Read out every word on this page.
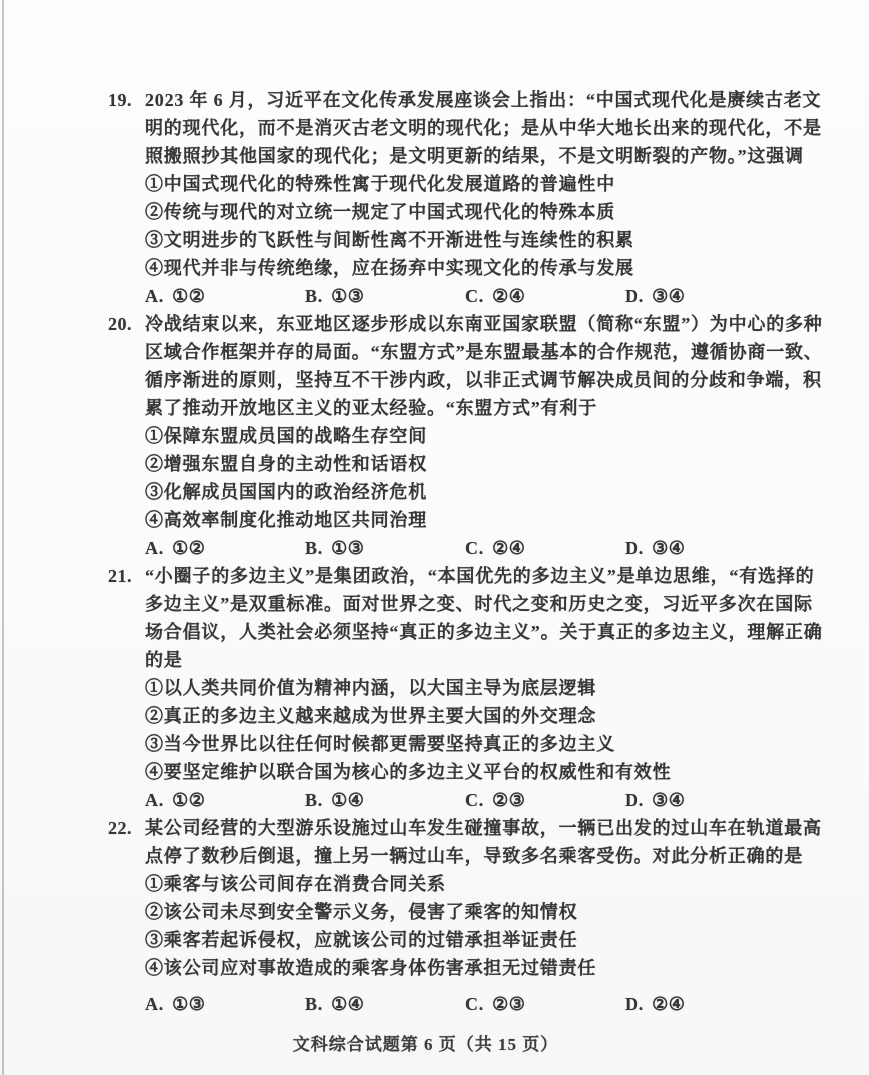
19. 2023 年 6 月，习近平在文化传承发展座谈会上指出：“中国式现代化是赓续古老文
明的现代化，而不是消灭古老文明的现代化；是从中华大地长出来的现代化，不是
照搬照抄其他国家的现代化；是文明更新的结果，不是文明断裂的产物。”这强调
①中国式现代化的特殊性寓于现代化发展道路的普遍性中
②传统与现代的对立统一规定了中国式现代化的特殊本质
③文明进步的飞跃性与间断性离不开渐进性与连续性的积累
④现代并非与传统绝缘，应在扬弃中实现文化的传承与发展
A. ①②	B. ①③	C. ②④	D. ③④
20. 冷战结束以来，东亚地区逐步形成以东南亚国家联盟（简称“东盟”）为中心的多种
区域合作框架并存的局面。“东盟方式”是东盟最基本的合作规范，遵循协商一致、
循序渐进的原则，坚持互不干涉内政，以非正式调节解决成员间的分歧和争端，积
累了推动开放地区主义的亚太经验。“东盟方式”有利于
①保障东盟成员国的战略生存空间
②增强东盟自身的主动性和话语权
③化解成员国国内的政治经济危机
④高效率制度化推动地区共同治理
A. ①②	B. ①③	C. ②④	D. ③④
21. “小圈子的多边主义”是集团政治，“本国优先的多边主义”是单边思维，“有选择的
多边主义”是双重标准。面对世界之变、时代之变和历史之变，习近平多次在国际
场合倡议，人类社会必须坚持“真正的多边主义”。关于真正的多边主义，理解正确
的是
①以人类共同价值为精神内涵，以大国主导为底层逻辑
②真正的多边主义越来越成为世界主要大国的外交理念
③当今世界比以往任何时候都更需要坚持真正的多边主义
④要坚定维护以联合国为核心的多边主义平台的权威性和有效性
A. ①②	B. ①④	C. ②③	D. ③④
22. 某公司经营的大型游乐设施过山车发生碰撞事故，一辆已出发的过山车在轨道最高
点停了数秒后倒退，撞上另一辆过山车，导致多名乘客受伤。对此分析正确的是
①乘客与该公司间存在消费合同关系
②该公司未尽到安全警示义务，侵害了乘客的知情权
③乘客若起诉侵权，应就该公司的过错承担举证责任
④该公司应对事故造成的乘客身体伤害承担无过错责任
A. ①③	B. ①④	C. ②③	D. ②④
文科综合试题第 6 页（共 15 页）
